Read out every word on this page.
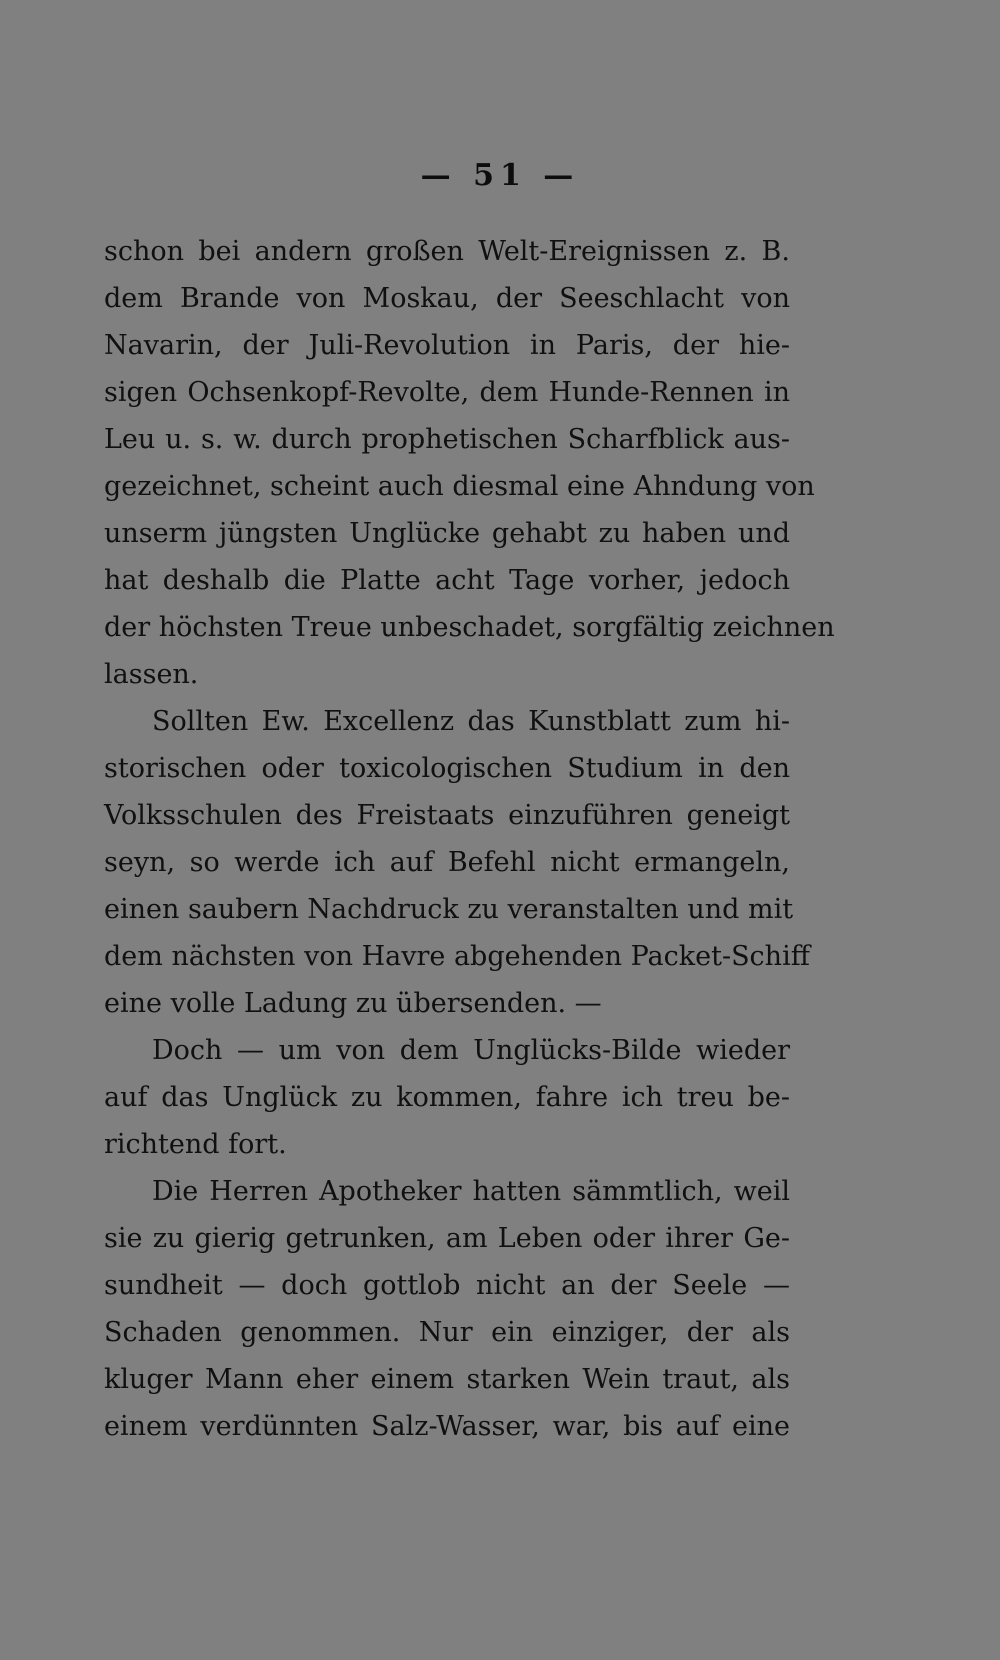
— 51 —
schon bei andern großen Welt-Ereignissen z. B.
dem Brande von Moskau, der Seeschlacht von
Navarin, der Juli-Revolution in Paris, der hie-
sigen Ochsenkopf-Revolte, dem Hunde-Rennen in
Leu u. s. w. durch prophetischen Scharfblick aus-
gezeichnet, scheint auch diesmal eine Ahndung von
unserm jüngsten Unglücke gehabt zu haben und
hat deshalb die Platte acht Tage vorher, jedoch
der höchsten Treue unbeschadet, sorgfältig zeichnen
lassen.
Sollten Ew. Excellenz das Kunstblatt zum hi-
storischen oder toxicologischen Studium in den
Volksschulen des Freistaats einzuführen geneigt
seyn, so werde ich auf Befehl nicht ermangeln,
einen saubern Nachdruck zu veranstalten und mit
dem nächsten von Havre abgehenden Packet-Schiff
eine volle Ladung zu übersenden. —
Doch — um von dem Unglücks-Bilde wieder
auf das Unglück zu kommen, fahre ich treu be-
richtend fort.
Die Herren Apotheker hatten sämmtlich, weil
sie zu gierig getrunken, am Leben oder ihrer Ge-
sundheit — doch gottlob nicht an der Seele —
Schaden genommen. Nur ein einziger, der als
kluger Mann eher einem starken Wein traut, als
einem verdünnten Salz-Wasser, war, bis auf eine
